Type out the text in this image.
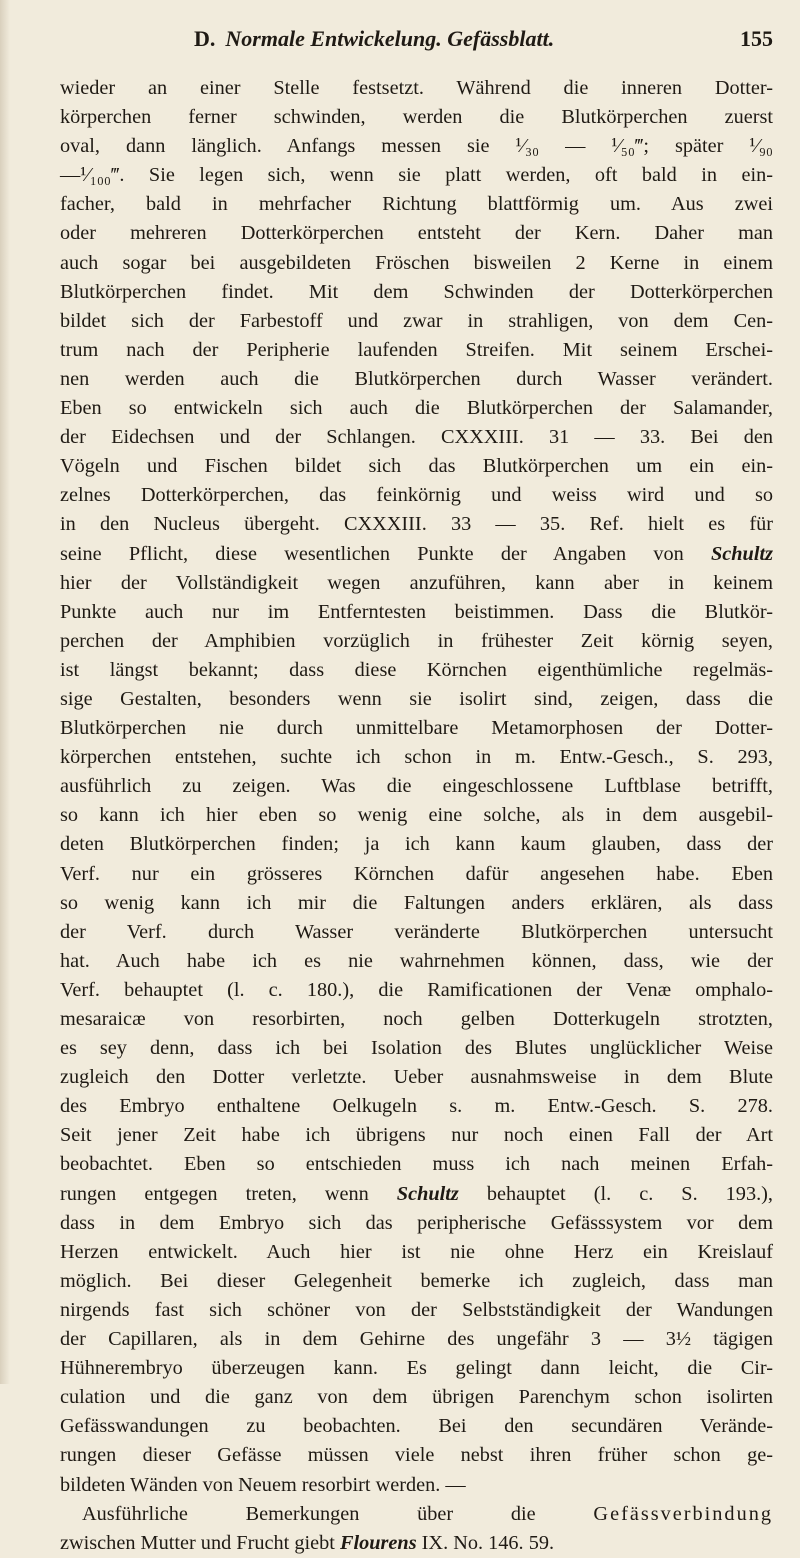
D. Normale Entwickelung. Gefässblatt.	155
wieder an einer Stelle festsetzt. Während die inneren Dotter-
körperchen ferner schwinden, werden die Blutkörperchen zuerst
oval, dann länglich. Anfangs messen sie ¹⁄₃₀ — ¹⁄₅₀‴; später ¹⁄₉₀
—¹⁄₁₀₀‴. Sie legen sich, wenn sie platt werden, oft bald in ein-
facher, bald in mehrfacher Richtung blattförmig um. Aus zwei
oder mehreren Dotterkörperchen entsteht der Kern. Daher man
auch sogar bei ausgebildeten Fröschen bisweilen 2 Kerne in einem
Blutkörperchen findet. Mit dem Schwinden der Dotterkörperchen
bildet sich der Farbestoff und zwar in strahligen, von dem Cen-
trum nach der Peripherie laufenden Streifen. Mit seinem Erschei-
nen werden auch die Blutkörperchen durch Wasser verändert.
Eben so entwickeln sich auch die Blutkörperchen der Salamander,
der Eidechsen und der Schlangen. CXXXIII. 31 — 33. Bei den
Vögeln und Fischen bildet sich das Blutkörperchen um ein ein-
zelnes Dotterkörperchen, das feinkörnig und weiss wird und so
in den Nucleus übergeht. CXXXIII. 33 — 35. Ref. hielt es für
seine Pflicht, diese wesentlichen Punkte der Angaben von Schultz
hier der Vollständigkeit wegen anzuführen, kann aber in keinem
Punkte auch nur im Entferntesten beistimmen. Dass die Blutkör-
perchen der Amphibien vorzüglich in frühester Zeit körnig seyen,
ist längst bekannt; dass diese Körnchen eigenthümliche regelmäs-
sige Gestalten, besonders wenn sie isolirt sind, zeigen, dass die
Blutkörperchen nie durch unmittelbare Metamorphosen der Dotter-
körperchen entstehen, suchte ich schon in m. Entw.-Gesch., S. 293,
ausführlich zu zeigen. Was die eingeschlossene Luftblase betrifft,
so kann ich hier eben so wenig eine solche, als in dem ausgebil-
deten Blutkörperchen finden; ja ich kann kaum glauben, dass der
Verf. nur ein grösseres Körnchen dafür angesehen habe. Eben
so wenig kann ich mir die Faltungen anders erklären, als dass
der Verf. durch Wasser veränderte Blutkörperchen untersucht
hat. Auch habe ich es nie wahrnehmen können, dass, wie der
Verf. behauptet (l. c. 180.), die Ramificationen der Venæ omphalo-
mesaraicæ von resorbirten, noch gelben Dotterkugeln strotzten,
es sey denn, dass ich bei Isolation des Blutes unglücklicher Weise
zugleich den Dotter verletzte. Ueber ausnahmsweise in dem Blute
des Embryo enthaltene Oelkugeln s. m. Entw.-Gesch. S. 278.
Seit jener Zeit habe ich übrigens nur noch einen Fall der Art
beobachtet. Eben so entschieden muss ich nach meinen Erfah-
rungen entgegen treten, wenn Schultz behauptet (l. c. S. 193.),
dass in dem Embryo sich das peripherische Gefässsystem vor dem
Herzen entwickelt. Auch hier ist nie ohne Herz ein Kreislauf
möglich. Bei dieser Gelegenheit bemerke ich zugleich, dass man
nirgends fast sich schöner von der Selbstständigkeit der Wandungen
der Capillaren, als in dem Gehirne des ungefähr 3 — 3½ tägigen
Hühnerembryo überzeugen kann. Es gelingt dann leicht, die Cir-
culation und die ganz von dem übrigen Parenchym schon isolirten
Gefässwandungen zu beobachten. Bei den secundären Verände-
rungen dieser Gefässe müssen viele nebst ihren früher schon ge-
bildeten Wänden von Neuem resorbirt werden. —
Ausführliche Bemerkungen über die Gefässverbindung
zwischen Mutter und Frucht giebt Flourens IX. No. 146. 59.
